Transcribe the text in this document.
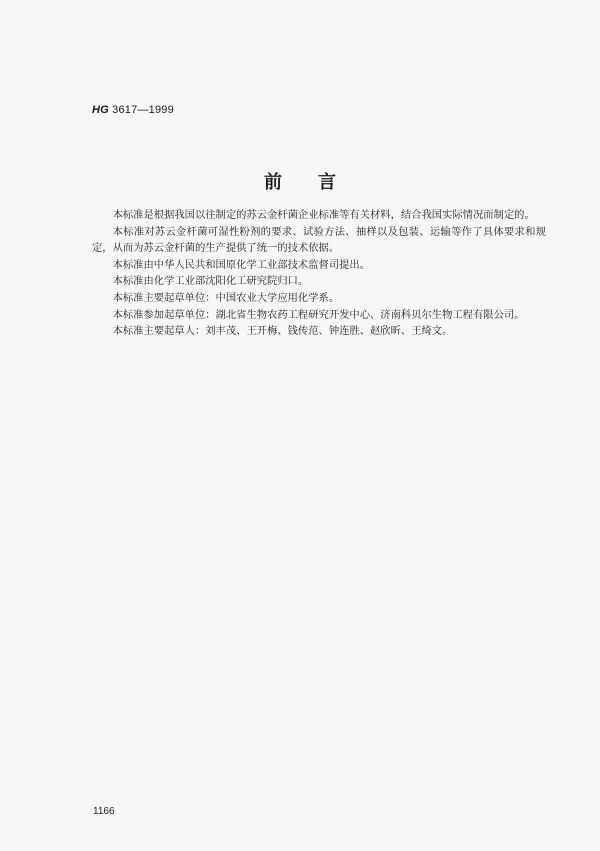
HG 3617—1999
前言

本标准是根据我国以往制定的苏云金杆菌企业标准等有关材料，结合我国实际情况而制定的。

本标准对苏云金杆菌可湿性粉剂的要求、试验方法、抽样以及包装、运输等作了具体要求和规定，从而为苏云金杆菌的生产提供了统一的技术依据。

本标准由中华人民共和国原化学工业部技术监督司提出。

本标准由化学工业部沈阳化工研究院归口。

本标准主要起草单位：中国农业大学应用化学系。

本标准参加起草单位：湖北省生物农药工程研究开发中心、济南科贝尔生物工程有限公司。

本标准主要起草人：刘丰茂、王开梅、钱传范、钟连胜、赵欣昕、王绮文。

1166
